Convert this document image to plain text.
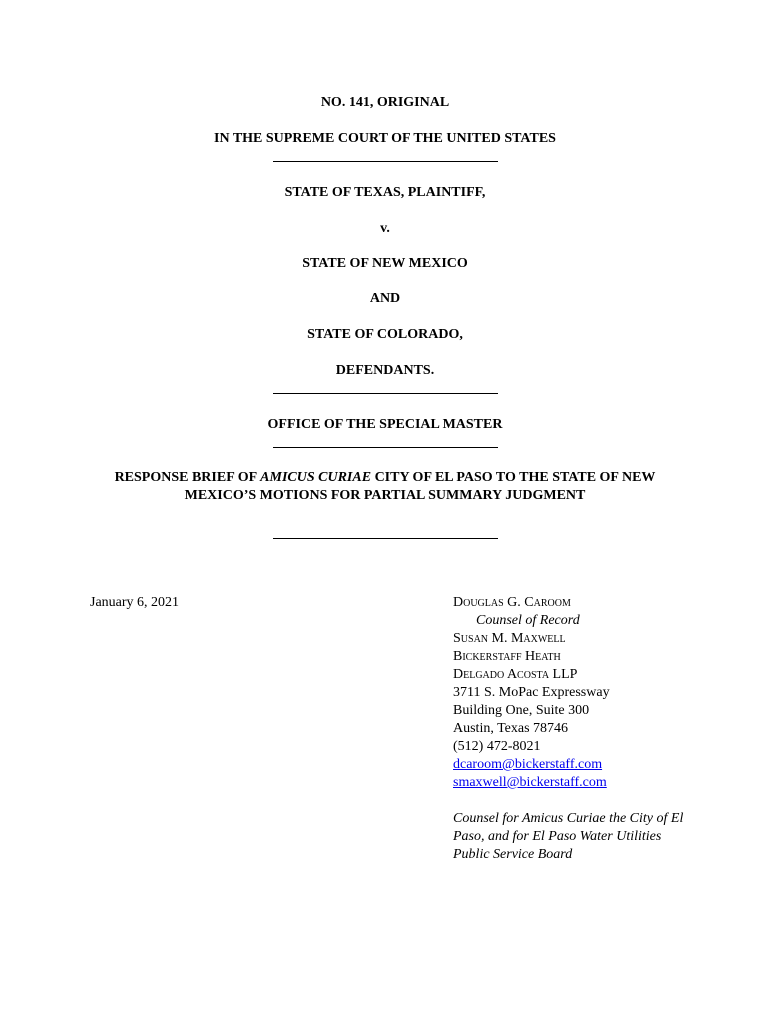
NO. 141, ORIGINAL

IN THE SUPREME COURT OF THE UNITED STATES

STATE OF TEXAS, PLAINTIFF,

v.

STATE OF NEW MEXICO

AND

STATE OF COLORADO,

DEFENDANTS.

OFFICE OF THE SPECIAL MASTER

RESPONSE BRIEF OF AMICUS CURIAE CITY OF EL PASO TO THE STATE OF NEW MEXICO’S MOTIONS FOR PARTIAL SUMMARY JUDGMENT

January 6, 2021	Douglas G. Caroom
Counsel of Record
Susan M. Maxwell
Bickerstaff Heath
Delgado Acosta LLP
3711 S. MoPac Expressway
Building One, Suite 300
Austin, Texas 78746
(512) 472-8021
dcaroom@bickerstaff.com
smaxwell@bickerstaff.com
Counsel for Amicus Curiae the City of El Paso, and for El Paso Water Utilities Public Service Board
